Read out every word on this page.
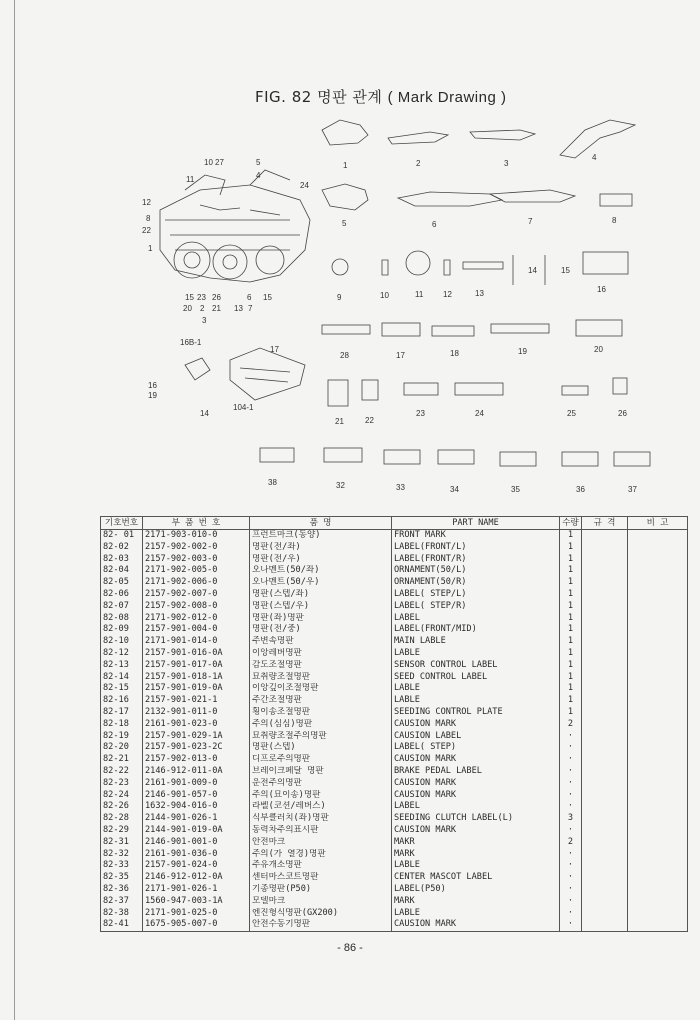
FIG. 82 명판 관계 ( Mark Drawing )
10 27	5
4
11
24
12
8
22
1
15
23 26	6
15
20 2 21 13 7
3
16B-1
17
16
19
14
104-1
1	2	3
4
5	6	7	8
9	10	11 12	13
14	15
16
28	17	18	19	20
21	22
23	24	25	26
38	32	33	34	35	36	37
기호번호	부 품 번 호	품 명	PART NAME	수량	규 격	비 고
82- 01	2171-903-010-0	프런트마크(동양)	FRONT MARK	1		
82-02	2157-902-002-0	명판(전/좌)	LABEL(FRONT/L)	1		
82-03	2157-902-003-0	명판(전/우)	LABEL(FRONT/R)	1		
82-04	2171-902-005-0	오나멘트(50/좌)	ORNAMENT(50/L)	1		
82-05	2171-902-006-0	오나멘트(50/우)	ORNAMENT(50/R)	1		
82-06	2157-902-007-0	명판(스텝/좌)	LABEL( STEP/L)	1		
82-07	2157-902-008-0	명판(스텝/우)	LABEL( STEP/R)	1		
82-08	2171-902-012-0	명판(좌)명판	LABEL	1		
82-09	2157-901-004-0	명판(전/중)	LABEL(FRONT/MID)	1		
82-10	2171-901-014-0	주변속명판	MAIN LABLE	1		
82-12	2157-901-016-0A	이앙레버명판	LABLE	1		
82-13	2157-901-017-0A	감도조절명판	SENSOR CONTROL LABEL	1		
82-14	2157-901-018-1A	묘취량조절명판	SEED CONTROL LABEL	1		
82-15	2157-901-019-0A	이앙깊이조절명판	LABLE	1		
82-16	2157-901-021-1	주간조절명판	LABLE	1		
82-17	2132-901-011-0	횡이송조절명판	SEEDING CONTROL PLATE	1		
82-18	2161-901-023-0	주의(심심)명판	CAUSION MARK	2		
82-19	2157-901-029-1A	묘취량조절주의명판	CAUSION LABEL	·		
82-20	2157-901-023-2C	명판(스텝)	LABEL( STEP)	·		
82-21	2157-902-013-0	디프로주의명판	CAUSION MARK	·		
82-22	2146-912-011-0A	브레이크페달 명판	BRAKE PEDAL LABEL	·		
82-23	2161-901-009-0	운전주의명판	CAUSION MARK	·		
82-24	2146-901-057-0	주의(묘이송)명판	CAUSION MARK	·		
82-26	1632-904-016-0	라벨(코션/레버스)	LABEL	·		
82-28	2144-901-026-1	식부클러치(좌)명판	SEEDING CLUTCH LABEL(L)	3		
82-29	2144-901-019-0A	동력차주의표시판	CAUSION MARK	·		
82-31	2146-901-001-0	안전마크	MAKR	2		
82-32	2161-901-036-0	주의(가 열경)명판	MARK	·		
82-33	2157-901-024-0	주유개소명판	LABLE	·		
82-35	2146-912-012-0A	센터마스코트명판	CENTER MASCOT LABEL	·		
82-36	2171-901-026-1	기종명판(P50)	LABEL(P50)	·		
82-37	1560-947-003-1A	모델마크	MARK	·		
82-38	2171-901-025-0	엔진형식명판(GX200)	LABLE	·		
82-41	1675-905-007-0	안전수동기명판	CAUSION MARK	·		
- 86 -
